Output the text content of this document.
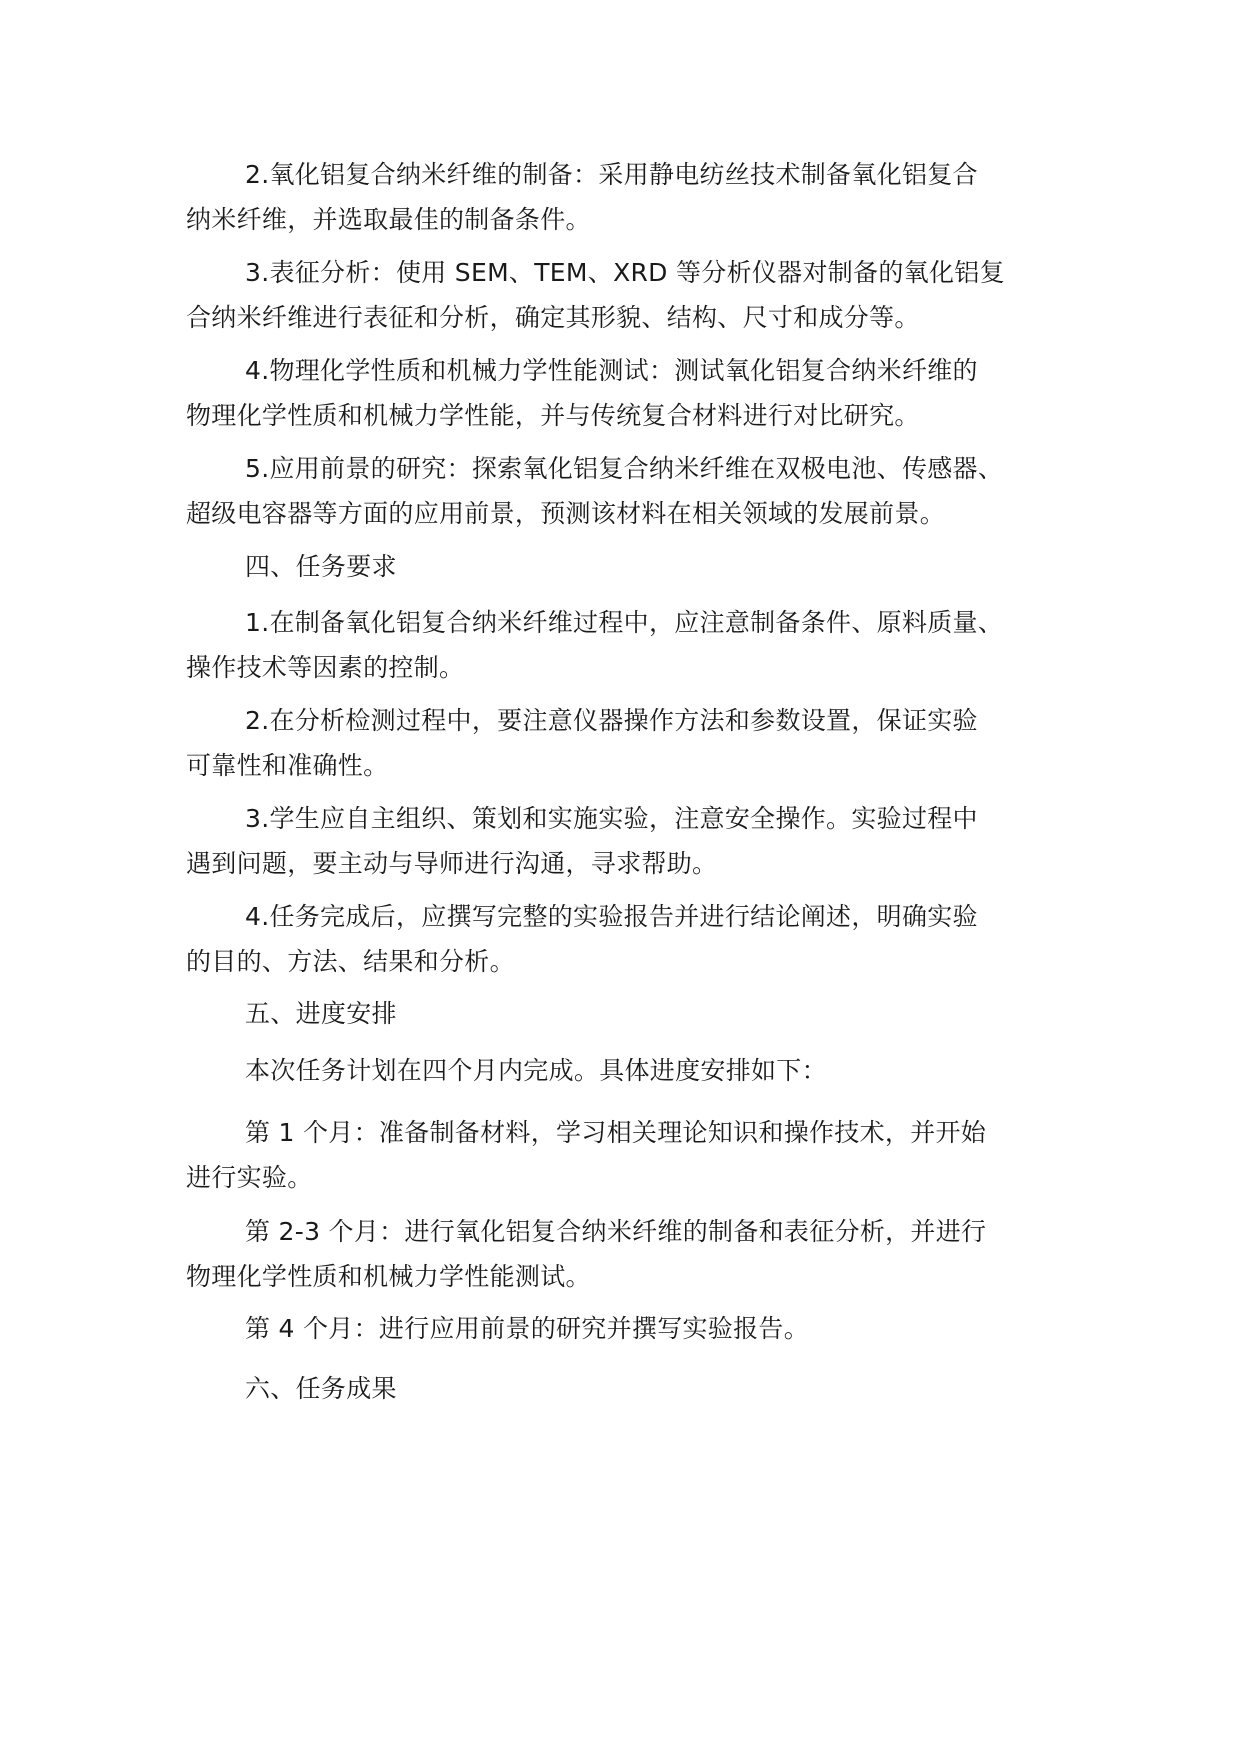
2.氧化铝复合纳米纤维的制备：采用静电纺丝技术制备氧化铝复合
纳米纤维，并选取最佳的制备条件。
3.表征分析：使用 SEM、TEM、XRD 等分析仪器对制备的氧化铝复
合纳米纤维进行表征和分析，确定其形貌、结构、尺寸和成分等。
4.物理化学性质和机械力学性能测试：测试氧化铝复合纳米纤维的
物理化学性质和机械力学性能，并与传统复合材料进行对比研究。
5.应用前景的研究：探索氧化铝复合纳米纤维在双极电池、传感器、
超级电容器等方面的应用前景，预测该材料在相关领域的发展前景。
四、任务要求
1.在制备氧化铝复合纳米纤维过程中，应注意制备条件、原料质量、
操作技术等因素的控制。
2.在分析检测过程中，要注意仪器操作方法和参数设置，保证实验
可靠性和准确性。
3.学生应自主组织、策划和实施实验，注意安全操作。实验过程中
遇到问题，要主动与导师进行沟通，寻求帮助。
4.任务完成后，应撰写完整的实验报告并进行结论阐述，明确实验
的目的、方法、结果和分析。
五、进度安排
本次任务计划在四个月内完成。具体进度安排如下：
第 1 个月：准备制备材料，学习相关理论知识和操作技术，并开始
进行实验。
第 2-3 个月：进行氧化铝复合纳米纤维的制备和表征分析，并进行
物理化学性质和机械力学性能测试。
第 4 个月：进行应用前景的研究并撰写实验报告。
六、任务成果
